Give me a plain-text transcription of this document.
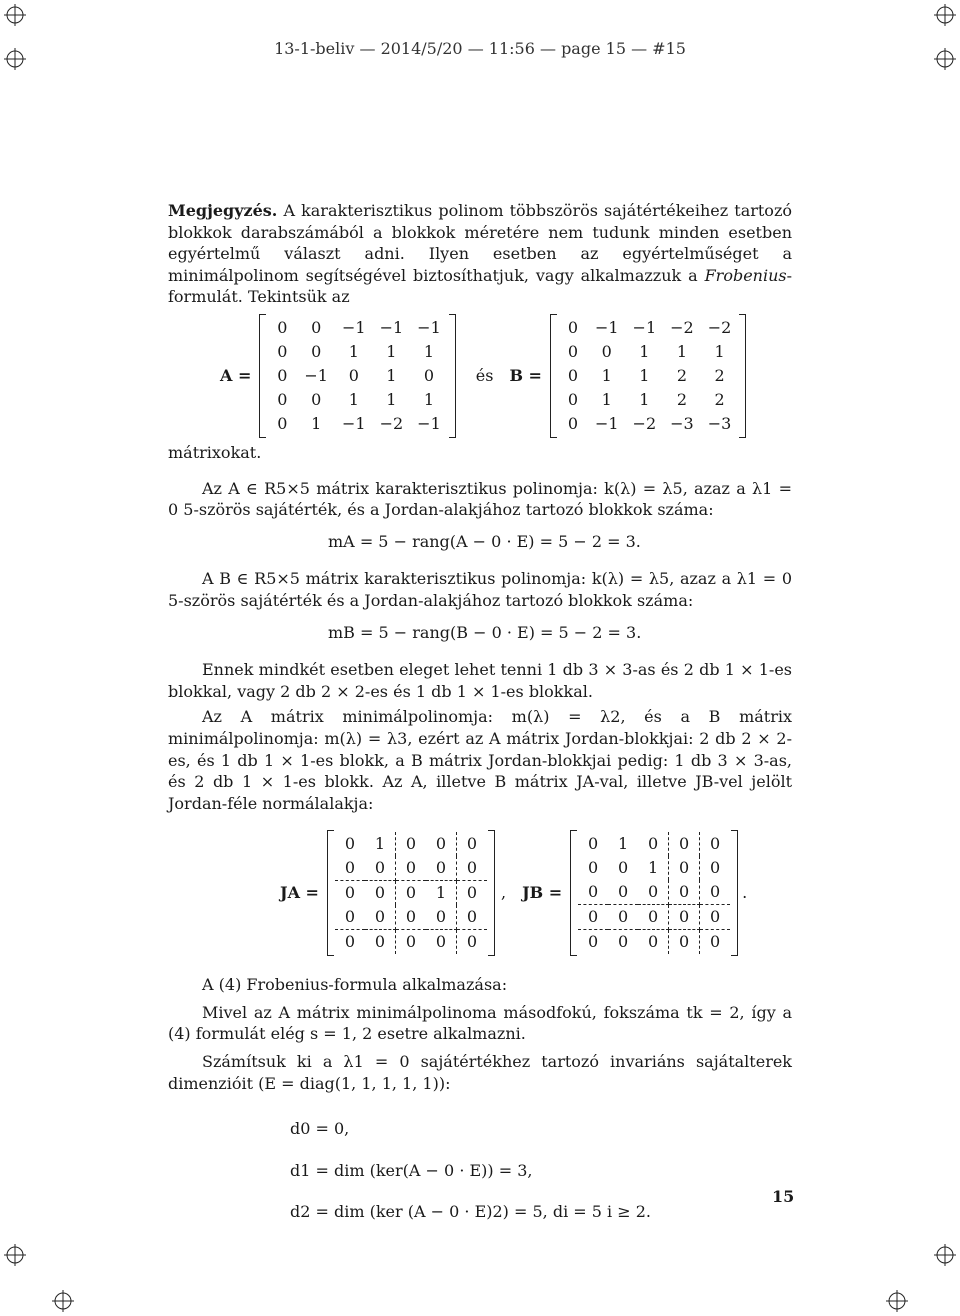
13-1-beliv — 2014/5/20 — 11:56 — page 15 — #15

Megjegyzés. A karakterisztikus polinom többszörös sajátértékeihez tartozó blokkok darabszámából a blokkok méretére nem tudunk minden esetben egyértelmű választ adni. Ilyen esetben az egyértelműséget a minimálpolinom segítségével biztosíthatjuk, vagy alkalmazzuk a Frobenius-formulát. Tekintsük az

A =
0	0	−1	−1	−1
0	0	1	1	1
0	−1	0	1	0
0	0	1	1	1
0	1	−1	−2	−1
és B =
0	−1	−1	−2	−2
0	0	1	1	1
0	1	1	2	2
0	1	1	2	2
0	−1	−2	−3	−3

mátrixokat.

Az A ∈ R5×5 mátrix karakterisztikus polinomja: k(λ) = λ5, azaz a λ1 = 0 5-szörös sajátérték, és a Jordan-alakjához tartozó blokkok száma:

mA = 5 − rang(A − 0 · E) = 5 − 2 = 3.

A B ∈ R5×5 mátrix karakterisztikus polinomja: k(λ) = λ5, azaz a λ1 = 0 5-szörös sajátérték és a Jordan-alakjához tartozó blokkok száma:

mB = 5 − rang(B − 0 · E) = 5 − 2 = 3.

Ennek mindkét esetben eleget lehet tenni 1 db 3 × 3-as és 2 db 1 × 1-es blokkal, vagy 2 db 2 × 2-es és 1 db 1 × 1-es blokkal.

Az A mátrix minimálpolinomja: m(λ) = λ2, és a B mátrix minimálpolinomja: m(λ) = λ3, ezért az A mátrix Jordan-blokkjai: 2 db 2 × 2-es, és 1 db 1 × 1-es blokk, a B mátrix Jordan-blokkjai pedig: 1 db 3 × 3-as, és 2 db 1 × 1-es blokk. Az A, illetve B mátrix JA-val, illetve JB-vel jelölt Jordan-féle normálalakja:

JA =
0	1	0	0	0
0	0	0	0	0
0	0	0	1	0
0	0	0	0	0
0	0	0	0	0
, JB =
0	1	0	0	0
0	0	1	0	0
0	0	0	0	0
0	0	0	0	0
0	0	0	0	0
.

A (4) Frobenius-formula alkalmazása:

Mivel az A mátrix minimálpolinoma másodfokú, fokszáma tk = 2, így a (4) formulát elég s = 1, 2 esetre alkalmazni.

Számítsuk ki a λ1 = 0 sajátértékhez tartozó invariáns sajátalterek dimenzióit (E = diag(1, 1, 1, 1, 1)):

d0 = 0,
d1 = dim (ker(A − 0 · E)) = 3,
d2 = dim (ker (A − 0 · E)2) = 5, di = 5 i ≥ 2.
15
